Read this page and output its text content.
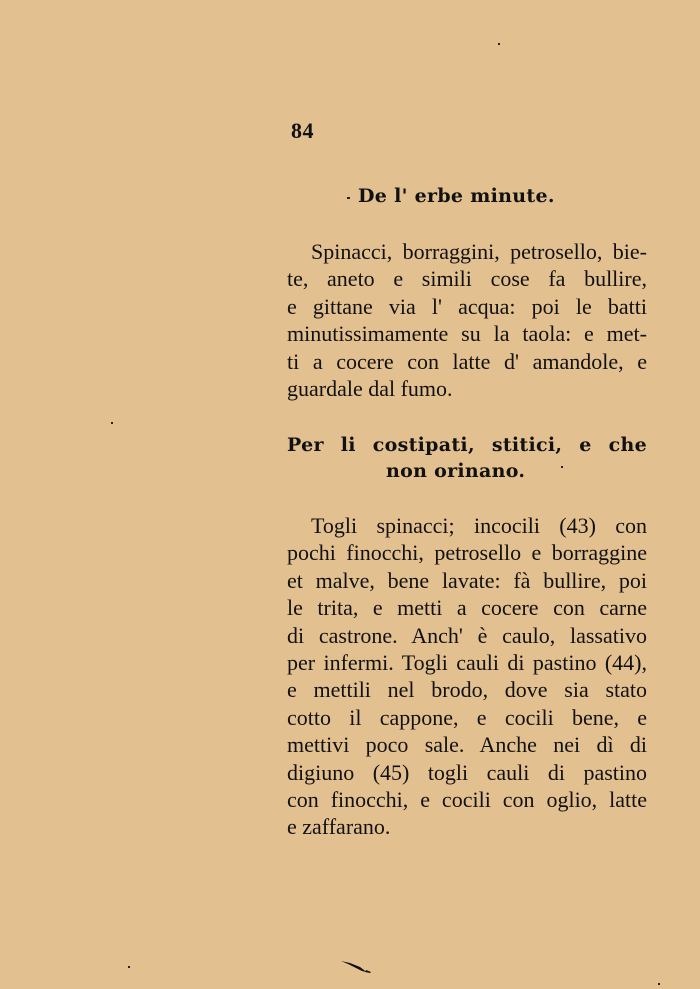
84
De l' erbe minute.
Spinacci, borraggini, petrosello, bie-
te, aneto e simili cose fa bullire,
e gittane via l' acqua: poi le batti
minutissimamente su la taola: e met-
ti a cocere con latte d' amandole, e
guardale dal fumo.
Per li costipati, stitici, e che
non orinano.
Togli spinacci; incocili (43) con
pochi finocchi, petrosello e borraggine
et malve, bene lavate: fà bullire, poi
le trita, e metti a cocere con carne
di castrone. Anch' è caulo, lassativo
per infermi. Togli cauli di pastino (44),
e mettili nel brodo, dove sia stato
cotto il cappone, e cocili bene, e
mettivi poco sale. Anche nei dì di
digiuno (45) togli cauli di pastino
con finocchi, e cocili con oglio, latte
e zaffarano.
